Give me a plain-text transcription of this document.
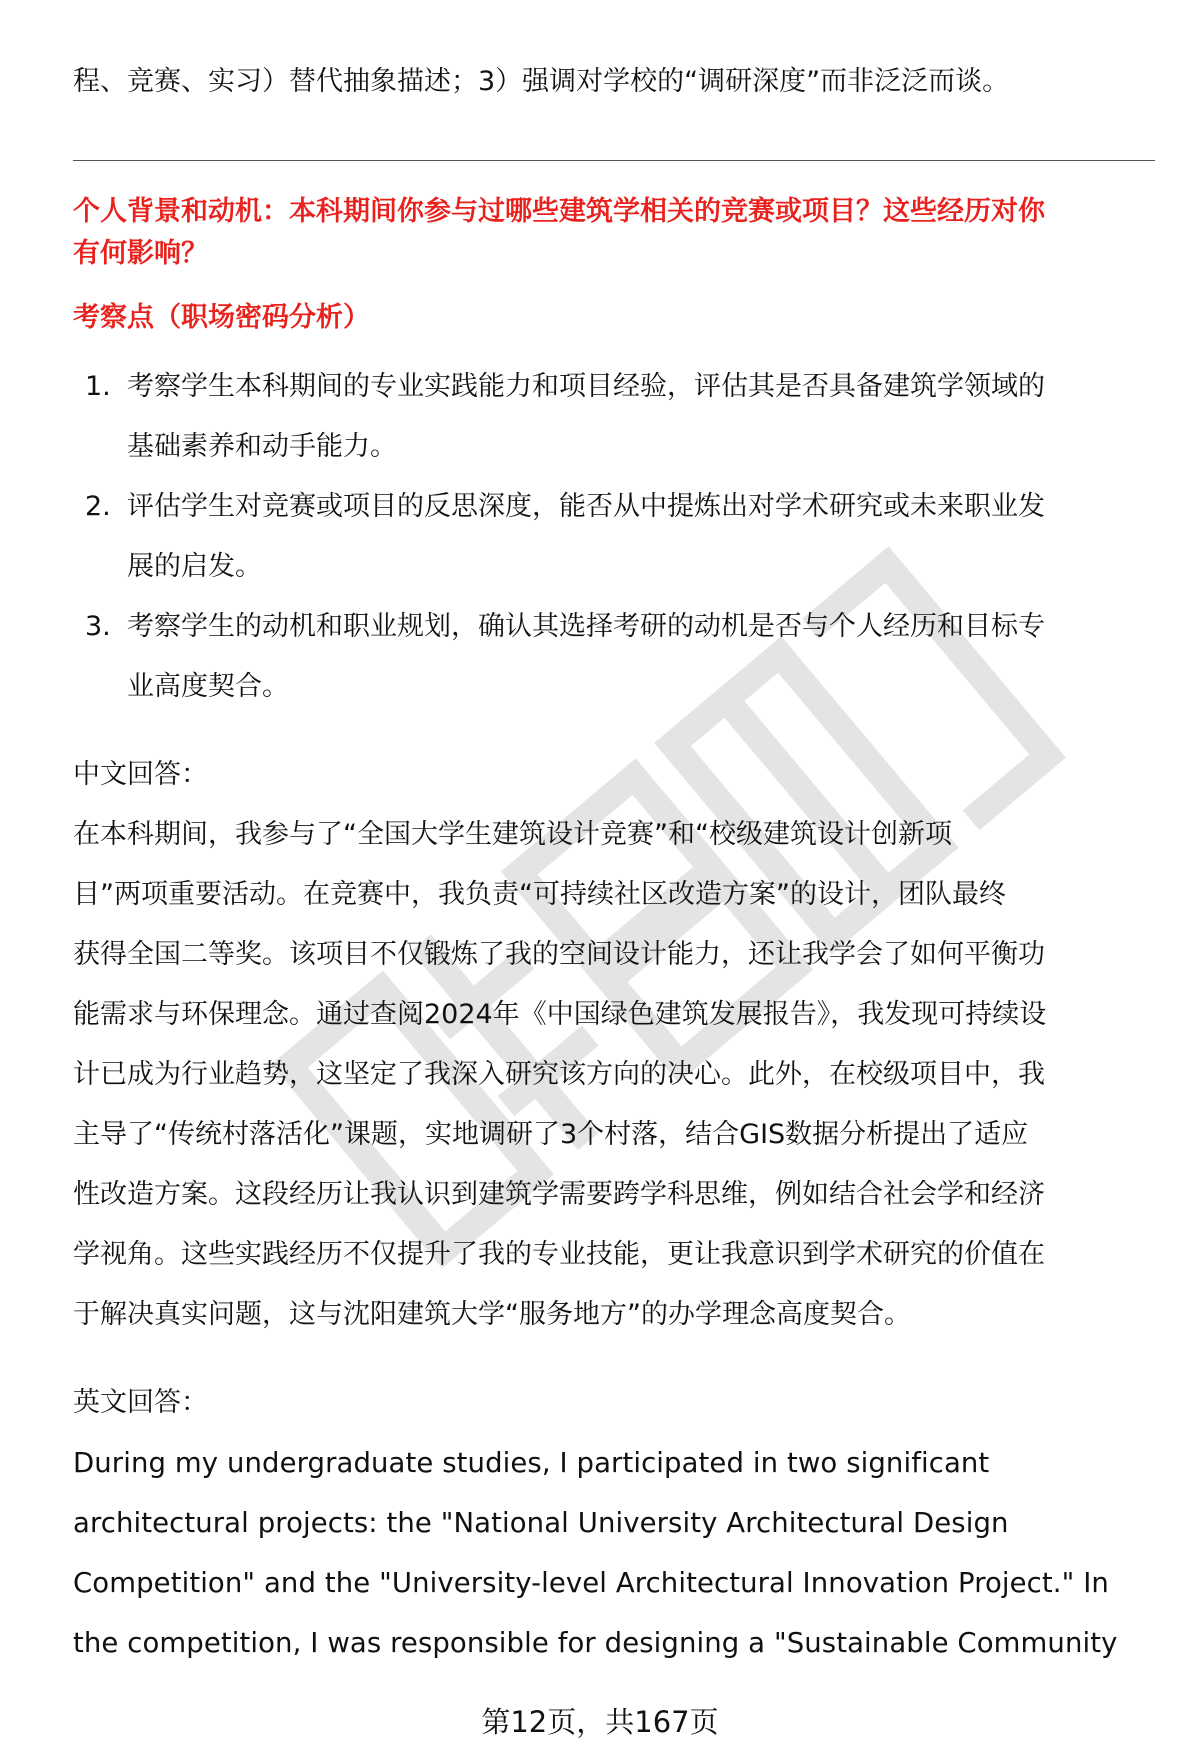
程、竞赛、实习）替代抽象描述；3）强调对学校的“调研深度”而非泛泛而谈。

个人背景和动机：本科期间你参与过哪些建筑学相关的竞赛或项目？这些经历对你

有何影响？

考察点（职场密码分析）

1. 考察学生本科期间的专业实践能力和项目经验，评估其是否具备建筑学领域的

基础素养和动手能力。

2. 评估学生对竞赛或项目的反思深度，能否从中提炼出对学术研究或未来职业发

展的启发。

3. 考察学生的动机和职业规划，确认其选择考研的动机是否与个人经历和目标专

业高度契合。

中文回答：

在本科期间，我参与了“全国大学生建筑设计竞赛”和“校级建筑设计创新项

目”两项重要活动。在竞赛中，我负责“可持续社区改造方案”的设计，团队最终

获得全国二等奖。该项目不仅锻炼了我的空间设计能力，还让我学会了如何平衡功

能需求与环保理念。通过查阅2024年《中国绿色建筑发展报告》，我发现可持续设

计已成为行业趋势，这坚定了我深入研究该方向的决心。此外，在校级项目中，我

主导了“传统村落活化”课题，实地调研了3个村落，结合GIS数据分析提出了适应

性改造方案。这段经历让我认识到建筑学需要跨学科思维，例如结合社会学和经济

学视角。这些实践经历不仅提升了我的专业技能，更让我意识到学术研究的价值在

于解决真实问题，这与沈阳建筑大学“服务地方”的办学理念高度契合。

英文回答：

During my undergraduate studies, I participated in two significant

architectural projects: the "National University Architectural Design

Competition" and the "University-level Architectural Innovation Project." In

the competition, I was responsible for designing a "Sustainable Community

第12页，共167页
